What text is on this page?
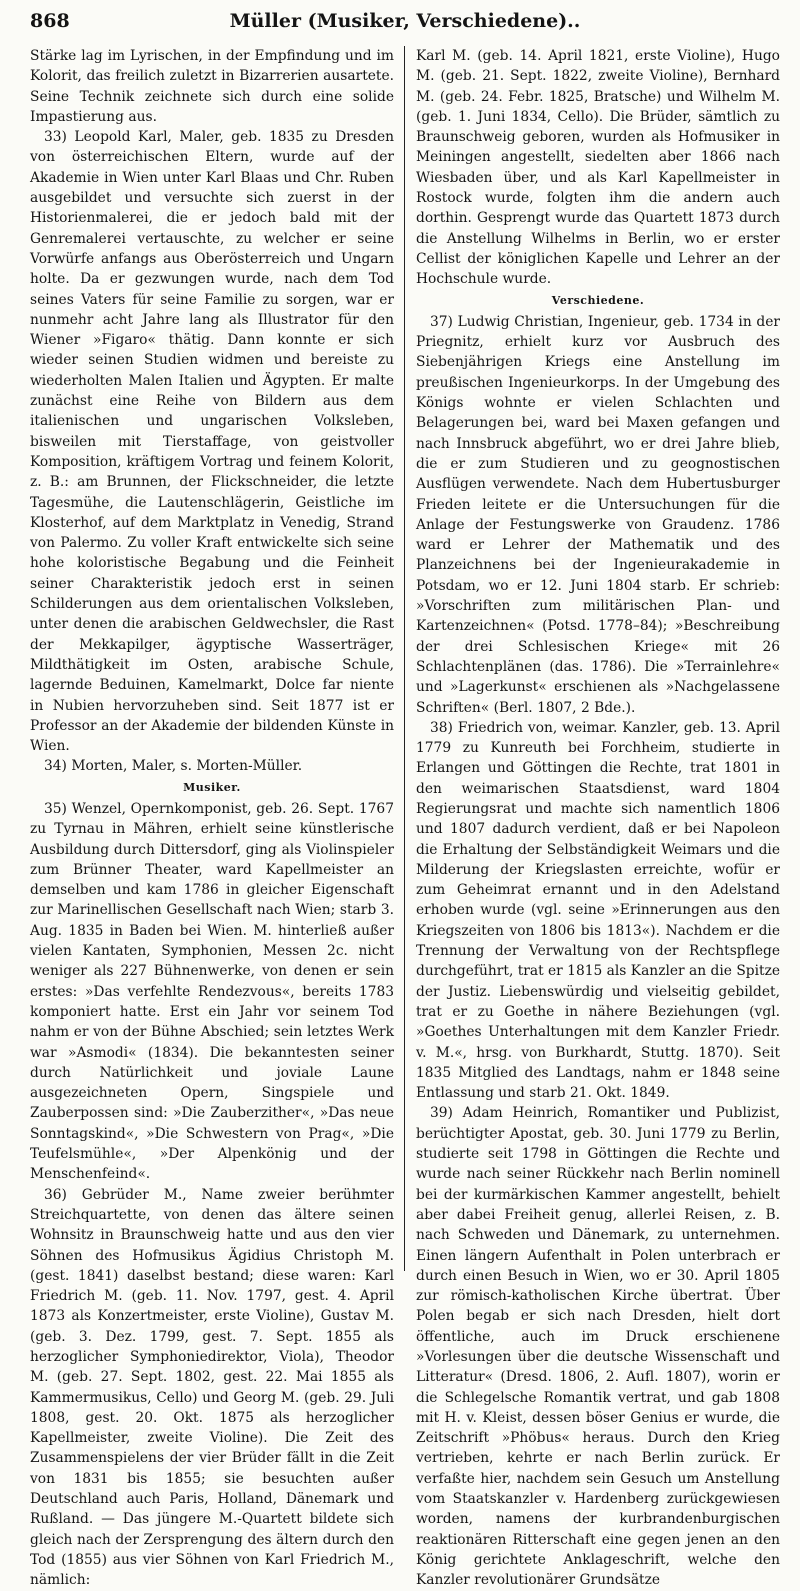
868	Müller (Musiker, Verschiedene)..

Stärke lag im Lyrischen, in der Empfindung und im Kolorit, das freilich zuletzt in Bizarrerien ausartete. Seine Technik zeichnete sich durch eine solide Impastierung aus.

33) Leopold Karl, Maler, geb. 1835 zu Dresden von österreichischen Eltern, wurde auf der Akademie in Wien unter Karl Blaas und Chr. Ruben ausgebildet und versuchte sich zuerst in der Historienmalerei, die er jedoch bald mit der Genremalerei vertauschte, zu welcher er seine Vorwürfe anfangs aus Oberösterreich und Ungarn holte. Da er gezwungen wurde, nach dem Tod seines Vaters für seine Familie zu sorgen, war er nunmehr acht Jahre lang als Illustrator für den Wiener »Figaro« thätig. Dann konnte er sich wieder seinen Studien widmen und bereiste zu wiederholten Malen Italien und Ägypten. Er malte zunächst eine Reihe von Bildern aus dem italienischen und ungarischen Volksleben, bisweilen mit Tierstaffage, von geistvoller Komposition, kräftigem Vortrag und feinem Kolorit, z. B.: am Brunnen, der Flickschneider, die letzte Tagesmühe, die Lautenschlägerin, Geistliche im Klosterhof, auf dem Marktplatz in Venedig, Strand von Palermo. Zu voller Kraft entwickelte sich seine hohe koloristische Begabung und die Feinheit seiner Charakteristik jedoch erst in seinen Schilderungen aus dem orientalischen Volksleben, unter denen die arabischen Geldwechsler, die Rast der Mekkapilger, ägyptische Wasserträger, Mildthätigkeit im Osten, arabische Schule, lagernde Beduinen, Kamelmarkt, Dolce far niente in Nubien hervorzuheben sind. Seit 1877 ist er Professor an der Akademie der bildenden Künste in Wien.

34) Morten, Maler, s. Morten-Müller.

Musiker.

35) Wenzel, Opernkomponist, geb. 26. Sept. 1767 zu Tyrnau in Mähren, erhielt seine künstlerische Ausbildung durch Dittersdorf, ging als Violinspieler zum Brünner Theater, ward Kapellmeister an demselben und kam 1786 in gleicher Eigenschaft zur Marinellischen Gesellschaft nach Wien; starb 3. Aug. 1835 in Baden bei Wien. M. hinterließ außer vielen Kantaten, Symphonien, Messen 2c. nicht weniger als 227 Bühnenwerke, von denen er sein erstes: »Das verfehlte Rendezvous«, bereits 1783 komponiert hatte. Erst ein Jahr vor seinem Tod nahm er von der Bühne Abschied; sein letztes Werk war »Asmodi« (1834). Die bekanntesten seiner durch Natürlichkeit und joviale Laune ausgezeichneten Opern, Singspiele und Zauberpossen sind: »Die Zauberzither«, »Das neue Sonntagskind«, »Die Schwestern von Prag«, »Die Teufelsmühle«, »Der Alpenkönig und der Menschenfeind«.

36) Gebrüder M., Name zweier berühmter Streichquartette, von denen das ältere seinen Wohnsitz in Braunschweig hatte und aus den vier Söhnen des Hofmusikus Ägidius Christoph M. (gest. 1841) daselbst bestand; diese waren: Karl Friedrich M. (geb. 11. Nov. 1797, gest. 4. April 1873 als Konzertmeister, erste Violine), Gustav M. (geb. 3. Dez. 1799, gest. 7. Sept. 1855 als herzoglicher Symphoniedirektor, Viola), Theodor M. (geb. 27. Sept. 1802, gest. 22. Mai 1855 als Kammermusikus, Cello) und Georg M. (geb. 29. Juli 1808, gest. 20. Okt. 1875 als herzoglicher Kapellmeister, zweite Violine). Die Zeit des Zusammenspielens der vier Brüder fällt in die Zeit von 1831 bis 1855; sie besuchten außer Deutschland auch Paris, Holland, Dänemark und Rußland. — Das jüngere M.-Quartett bildete sich gleich nach der Zersprengung des ältern durch den Tod (1855) aus vier Söhnen von Karl Friedrich M., nämlich:

Karl M. (geb. 14. April 1821, erste Violine), Hugo M. (geb. 21. Sept. 1822, zweite Violine), Bernhard M. (geb. 24. Febr. 1825, Bratsche) und Wilhelm M. (geb. 1. Juni 1834, Cello). Die Brüder, sämtlich zu Braunschweig geboren, wurden als Hofmusiker in Meiningen angestellt, siedelten aber 1866 nach Wiesbaden über, und als Karl Kapellmeister in Rostock wurde, folgten ihm die andern auch dorthin. Gesprengt wurde das Quartett 1873 durch die Anstellung Wilhelms in Berlin, wo er erster Cellist der königlichen Kapelle und Lehrer an der Hochschule wurde.

Verschiedene.

37) Ludwig Christian, Ingenieur, geb. 1734 in der Priegnitz, erhielt kurz vor Ausbruch des Siebenjährigen Kriegs eine Anstellung im preußischen Ingenieurkorps. In der Umgebung des Königs wohnte er vielen Schlachten und Belagerungen bei, ward bei Maxen gefangen und nach Innsbruck abgeführt, wo er drei Jahre blieb, die er zum Studieren und zu geognostischen Ausflügen verwendete. Nach dem Hubertusburger Frieden leitete er die Untersuchungen für die Anlage der Festungswerke von Graudenz. 1786 ward er Lehrer der Mathematik und des Planzeichnens bei der Ingenieurakademie in Potsdam, wo er 12. Juni 1804 starb. Er schrieb: »Vorschriften zum militärischen Plan- und Kartenzeichnen« (Potsd. 1778–84); »Beschreibung der drei Schlesischen Kriege« mit 26 Schlachtenplänen (das. 1786). Die »Terrainlehre« und »Lagerkunst« erschienen als »Nachgelassene Schriften« (Berl. 1807, 2 Bde.).

38) Friedrich von, weimar. Kanzler, geb. 13. April 1779 zu Kunreuth bei Forchheim, studierte in Erlangen und Göttingen die Rechte, trat 1801 in den weimarischen Staatsdienst, ward 1804 Regierungsrat und machte sich namentlich 1806 und 1807 dadurch verdient, daß er bei Napoleon die Erhaltung der Selbständigkeit Weimars und die Milderung der Kriegslasten erreichte, wofür er zum Geheimrat ernannt und in den Adelstand erhoben wurde (vgl. seine »Erinnerungen aus den Kriegszeiten von 1806 bis 1813«). Nachdem er die Trennung der Verwaltung von der Rechtspflege durchgeführt, trat er 1815 als Kanzler an die Spitze der Justiz. Liebenswürdig und vielseitig gebildet, trat er zu Goethe in nähere Beziehungen (vgl. »Goethes Unterhaltungen mit dem Kanzler Friedr. v. M.«, hrsg. von Burkhardt, Stuttg. 1870). Seit 1835 Mitglied des Landtags, nahm er 1848 seine Entlassung und starb 21. Okt. 1849.

39) Adam Heinrich, Romantiker und Publizist, berüchtigter Apostat, geb. 30. Juni 1779 zu Berlin, studierte seit 1798 in Göttingen die Rechte und wurde nach seiner Rückkehr nach Berlin nominell bei der kurmärkischen Kammer angestellt, behielt aber dabei Freiheit genug, allerlei Reisen, z. B. nach Schweden und Dänemark, zu unternehmen. Einen längern Aufenthalt in Polen unterbrach er durch einen Besuch in Wien, wo er 30. April 1805 zur römisch-katholischen Kirche übertrat. Über Polen begab er sich nach Dresden, hielt dort öffentliche, auch im Druck erschienene »Vorlesungen über die deutsche Wissenschaft und Litteratur« (Dresd. 1806, 2. Aufl. 1807), worin er die Schlegelsche Romantik vertrat, und gab 1808 mit H. v. Kleist, dessen böser Genius er wurde, die Zeitschrift »Phöbus« heraus. Durch den Krieg vertrieben, kehrte er nach Berlin zurück. Er verfaßte hier, nachdem sein Gesuch um Anstellung vom Staatskanzler v. Hardenberg zurückgewiesen worden, namens der kurbrandenburgischen reaktionären Ritterschaft eine gegen jenen an den König gerichtete Anklageschrift, welche den Kanzler revolutionärer Grundsätze
